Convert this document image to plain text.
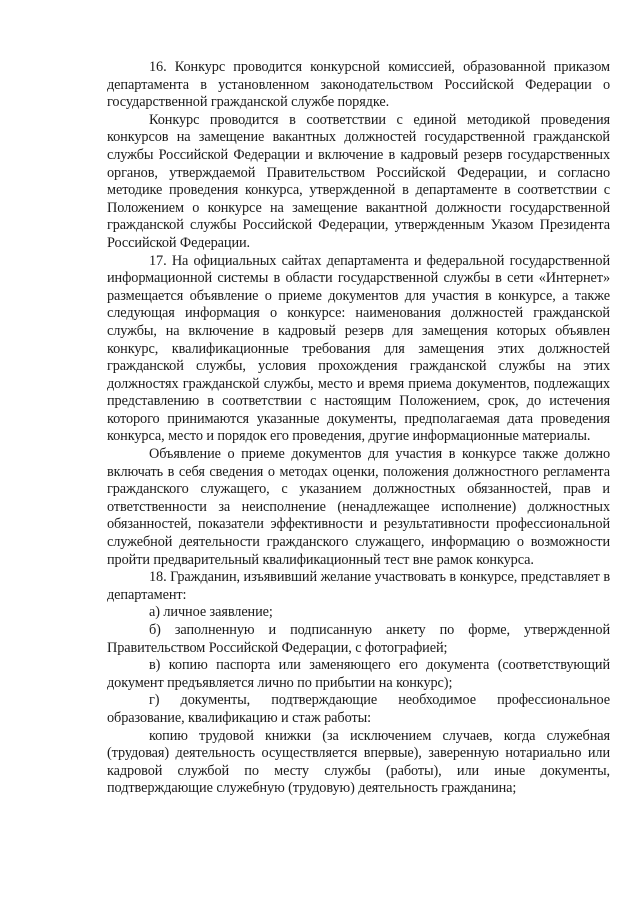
16. Конкурс проводится конкурсной комиссией, образованной приказом департамента в установленном законодательством Российской Федерации о государственной гражданской службе порядке.

Конкурс проводится в соответствии с единой методикой проведения конкурсов на замещение вакантных должностей государственной гражданской службы Российской Федерации и включение в кадровый резерв государственных органов, утверждаемой Правительством Российской Федерации, и согласно методике проведения конкурса, утвержденной в департаменте в соответствии с Положением о конкурсе на замещение вакантной должности государственной гражданской службы Российской Федерации, утвержденным Указом Президента Российской Федерации.

17. На официальных сайтах департамента и федеральной государственной информационной системы в области государственной службы в сети «Интернет» размещается объявление о приеме документов для участия в конкурсе, а также следующая информация о конкурсе: наименования должностей гражданской службы, на включение в кадровый резерв для замещения которых объявлен конкурс, квалификационные требования для замещения этих должностей гражданской службы, условия прохождения гражданской службы на этих должностях гражданской службы, место и время приема документов, подлежащих представлению в соответствии с настоящим Положением, срок, до истечения которого принимаются указанные документы, предполагаемая дата проведения конкурса, место и порядок его проведения, другие информационные материалы.

Объявление о приеме документов для участия в конкурсе также должно включать в себя сведения о методах оценки, положения должностного регламента гражданского служащего, с указанием должностных обязанностей, прав и ответственности за неисполнение (ненадлежащее исполнение) должностных обязанностей, показатели эффективности и результативности профессиональной служебной деятельности гражданского служащего, информацию о возможности пройти предварительный квалификационный тест вне рамок конкурса.

18. Гражданин, изъявивший желание участвовать в конкурсе, представляет в департамент:

а) личное заявление;

б) заполненную и подписанную анкету по форме, утвержденной Правительством Российской Федерации, с фотографией;

в) копию паспорта или заменяющего его документа (соответствующий документ предъявляется лично по прибытии на конкурс);

г) документы, подтверждающие необходимое профессиональное образование, квалификацию и стаж работы:

копию трудовой книжки (за исключением случаев, когда служебная (трудовая) деятельность осуществляется впервые), заверенную нотариально или кадровой службой по месту службы (работы), или иные документы, подтверждающие служебную (трудовую) деятельность гражданина;
